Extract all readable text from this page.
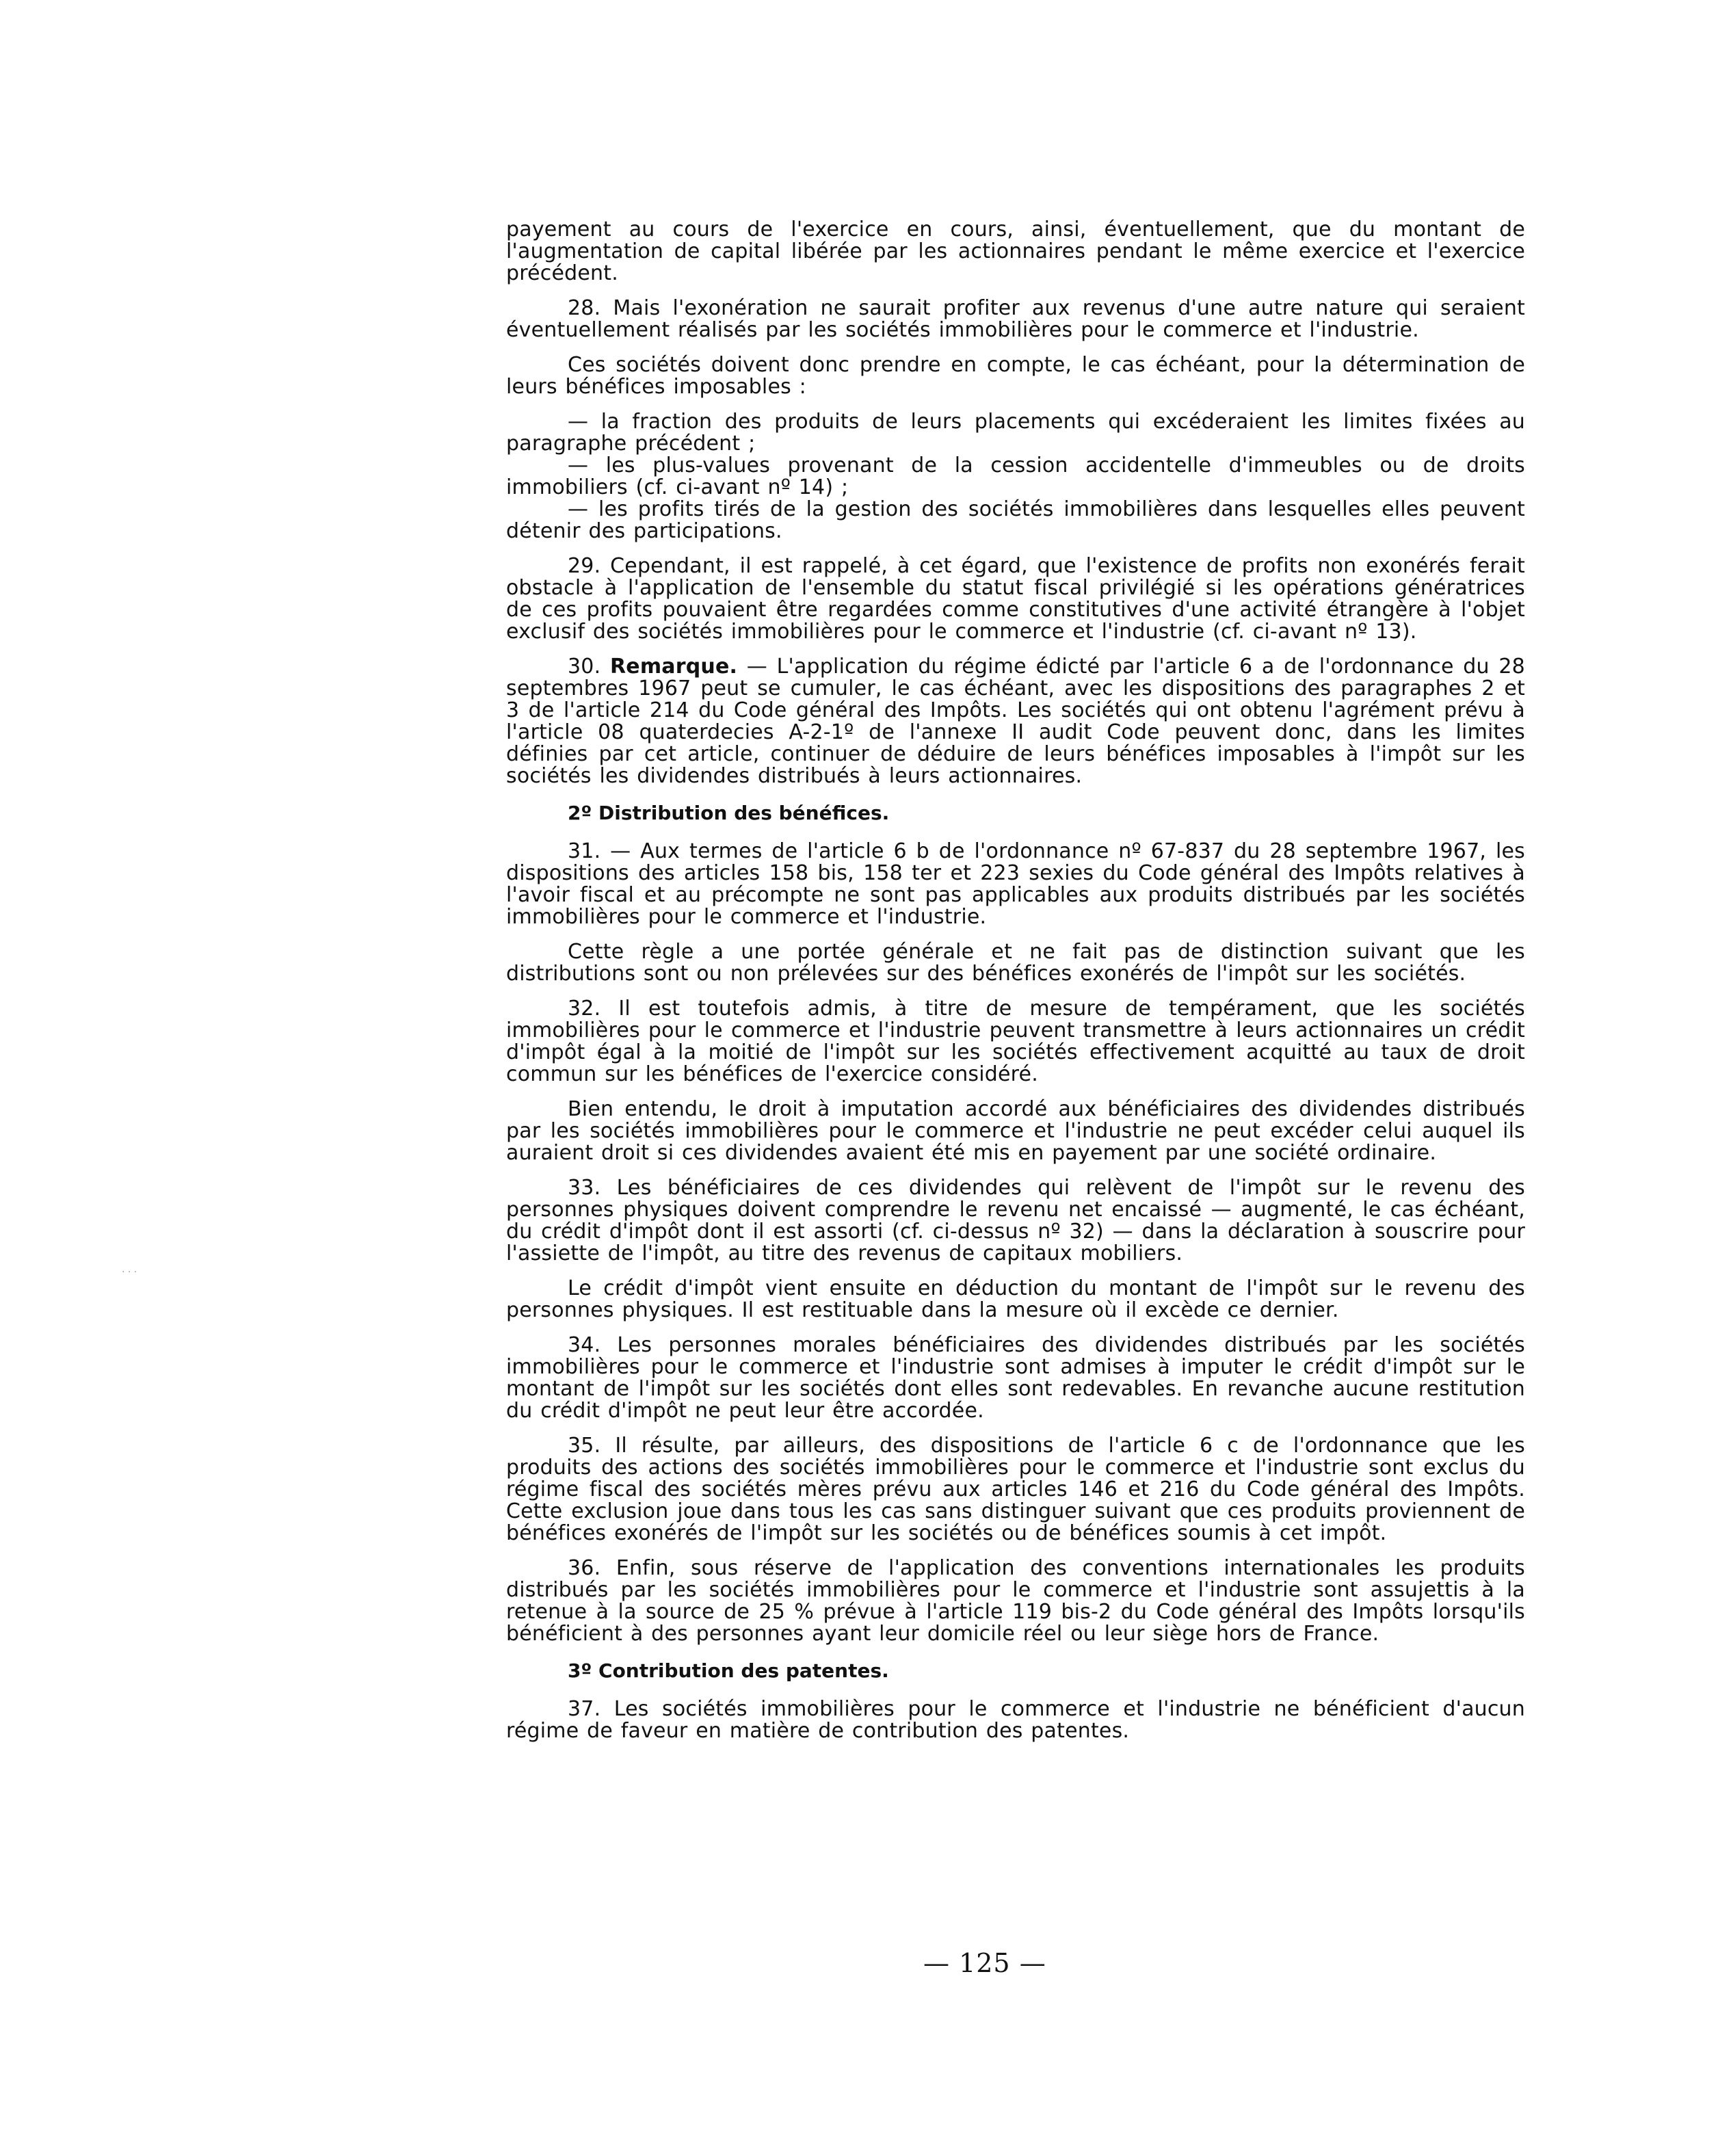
· · ·

payement au cours de l'exercice en cours, ainsi, éventuellement, que du montant de l'augmentation de capital libérée par les actionnaires pendant le même exercice et l'exercice précédent.

28. Mais l'exonération ne saurait profiter aux revenus d'une autre nature qui seraient éventuellement réalisés par les sociétés immobilières pour le commerce et l'industrie.

Ces sociétés doivent donc prendre en compte, le cas échéant, pour la détermination de leurs bénéfices imposables :

— la fraction des produits de leurs placements qui excéderaient les limites fixées au paragraphe précédent ;

— les plus-values provenant de la cession accidentelle d'immeubles ou de droits immobiliers (cf. ci-avant nº 14) ;

— les profits tirés de la gestion des sociétés immobilières dans lesquelles elles peuvent détenir des participations.

29. Cependant, il est rappelé, à cet égard, que l'existence de profits non exonérés ferait obstacle à l'application de l'ensemble du statut fiscal privilégié si les opérations génératrices de ces profits pouvaient être regardées comme constitutives d'une activité étrangère à l'objet exclusif des sociétés immobilières pour le commerce et l'industrie (cf. ci-avant nº 13).

30. Remarque. — L'application du régime édicté par l'article 6 a de l'ordonnance du 28 septembres 1967 peut se cumuler, le cas échéant, avec les dispositions des paragraphes 2 et 3 de l'article 214 du Code général des Impôts. Les sociétés qui ont obtenu l'agrément prévu à l'article 08 quaterdecies A-2-1º de l'annexe II audit Code peuvent donc, dans les limites définies par cet article, continuer de déduire de leurs bénéfices imposables à l'impôt sur les sociétés les dividendes distribués à leurs actionnaires.

2º Distribution des bénéfices.

31. — Aux termes de l'article 6 b de l'ordonnance nº 67-837 du 28 septembre 1967, les dispositions des articles 158 bis, 158 ter et 223 sexies du Code général des Impôts relatives à l'avoir fiscal et au précompte ne sont pas applicables aux produits distribués par les sociétés immobilières pour le commerce et l'industrie.

Cette règle a une portée générale et ne fait pas de distinction suivant que les distributions sont ou non prélevées sur des bénéfices exonérés de l'impôt sur les sociétés.

32. Il est toutefois admis, à titre de mesure de tempérament, que les sociétés immobilières pour le commerce et l'industrie peuvent transmettre à leurs actionnaires un crédit d'impôt égal à la moitié de l'impôt sur les sociétés effectivement acquitté au taux de droit commun sur les bénéfices de l'exercice considéré.

Bien entendu, le droit à imputation accordé aux bénéficiaires des dividendes distribués par les sociétés immobilières pour le commerce et l'industrie ne peut excéder celui auquel ils auraient droit si ces dividendes avaient été mis en payement par une société ordinaire.

33. Les bénéficiaires de ces dividendes qui relèvent de l'impôt sur le revenu des personnes physiques doivent comprendre le revenu net encaissé — augmenté, le cas échéant, du crédit d'impôt dont il est assorti (cf. ci-dessus nº 32) — dans la déclaration à souscrire pour l'assiette de l'impôt, au titre des revenus de capitaux mobiliers.

Le crédit d'impôt vient ensuite en déduction du montant de l'impôt sur le revenu des personnes physiques. Il est restituable dans la mesure où il excède ce dernier.

34. Les personnes morales bénéficiaires des dividendes distribués par les sociétés immobilières pour le commerce et l'industrie sont admises à imputer le crédit d'impôt sur le montant de l'impôt sur les sociétés dont elles sont redevables. En revanche aucune restitution du crédit d'impôt ne peut leur être accordée.

35. Il résulte, par ailleurs, des dispositions de l'article 6 c de l'ordonnance que les produits des actions des sociétés immobilières pour le commerce et l'industrie sont exclus du régime fiscal des sociétés mères prévu aux articles 146 et 216 du Code général des Impôts. Cette exclusion joue dans tous les cas sans distinguer suivant que ces produits proviennent de bénéfices exonérés de l'impôt sur les sociétés ou de bénéfices soumis à cet impôt.

36. Enfin, sous réserve de l'application des conventions internationales les produits distribués par les sociétés immobilières pour le commerce et l'industrie sont assujettis à la retenue à la source de 25 % prévue à l'article 119 bis-2 du Code général des Impôts lorsqu'ils bénéficient à des personnes ayant leur domicile réel ou leur siège hors de France.

3º Contribution des patentes.

37. Les sociétés immobilières pour le commerce et l'industrie ne bénéficient d'aucun régime de faveur en matière de contribution des patentes.

— 125 —
